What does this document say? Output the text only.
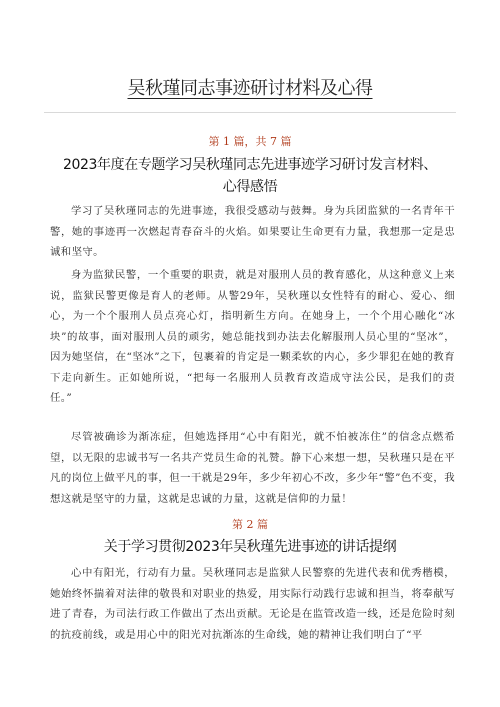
吴秋瑾同志事迹研讨材料及心得
第 1 篇，共 7 篇
2023年度在专题学习吴秋瑾同志先进事迹学习研讨发言材料、
心得感悟

学习了吴秋瑾同志的先进事迹，我很受感动与鼓舞。身为兵团监狱的一名青年干警，她的事迹再一次燃起青春奋斗的火焰。如果要让生命更有力量，我想那一定是忠诚和坚守。

身为监狱民警，一个重要的职责，就是对服刑人员的教育感化，从这种意义上来说，监狱民警更像是育人的老师。从警29年，吴秋瑾以女性特有的耐心、爱心、细心，为一个个服刑人员点亮心灯，指明新生方向。在她身上，一个个用心融化“冰块”的故事，面对服刑人员的顽劣，她总能找到办法去化解服刑人员心里的“坚冰”，因为她坚信，在“坚冰”之下，包裹着的肯定是一颗柔软的内心，多少罪犯在她的教育下走向新生。正如她所说，“把每一名服刑人员教育改造成守法公民，是我们的责任。”

尽管被确诊为渐冻症，但她选择用“心中有阳光，就不怕被冻住”的信念点燃希望，以无限的忠诚书写一名共产党员生命的礼赞。静下心来想一想，吴秋瑾只是在平凡的岗位上做平凡的事，但一干就是29年，多少年初心不改，多少年“警”色不变，我想这就是坚守的力量，这就是忠诚的力量，这就是信仰的力量！

第 2 篇
关于学习贯彻2023年吴秋瑾先进事迹的讲话提纲

心中有阳光，行动有力量。吴秋瑾同志是监狱人民警察的先进代表和优秀楷模，她始终怀揣着对法律的敬畏和对职业的热爱，用实际行动践行忠诚和担当，将奉献写进了青春，为司法行政工作做出了杰出贡献。无论是在监管改造一线，还是危险时刻的抗疫前线，或是用心中的阳光对抗渐冻的生命线，她的精神让我们明白了“平
